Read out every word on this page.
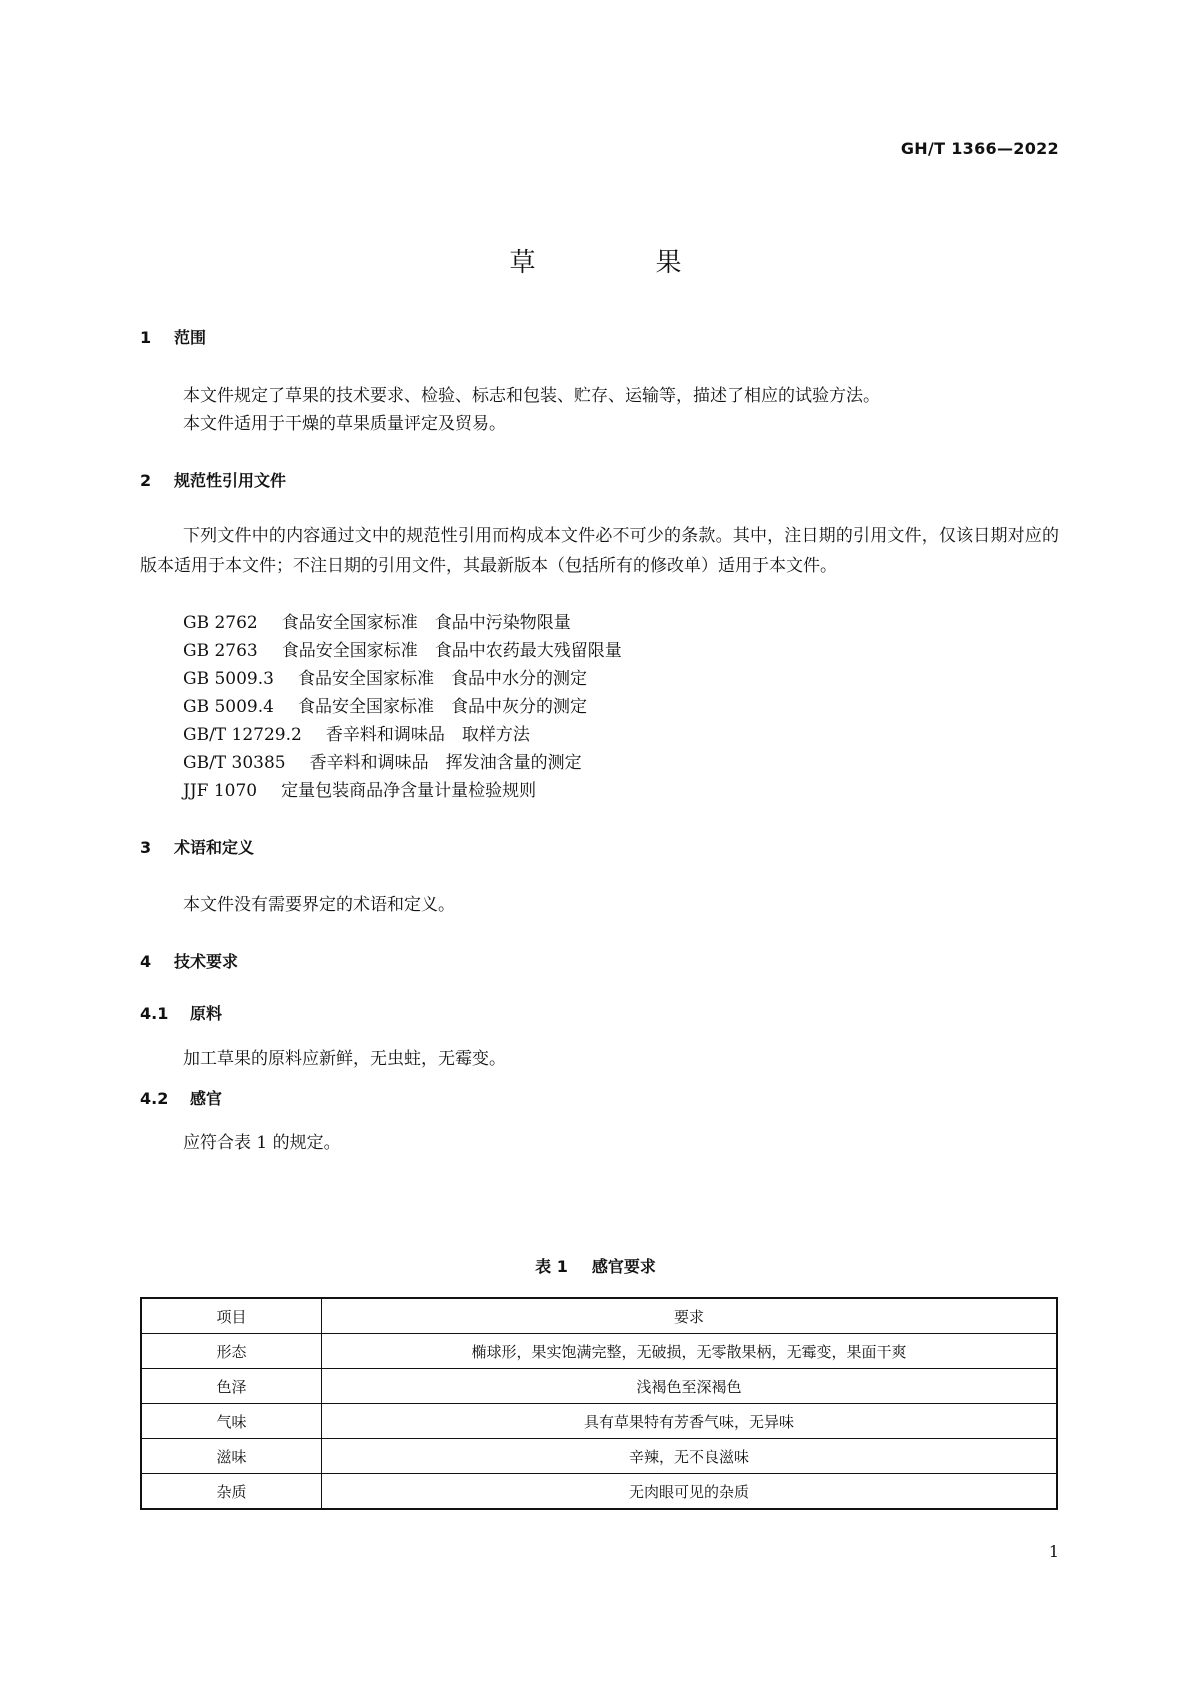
GH/T 1366—2022
草	果
1 范围
本文件规定了草果的技术要求、检验、标志和包装、贮存、运输等，描述了相应的试验方法。
本文件适用于干燥的草果质量评定及贸易。
2 规范性引用文件
下列文件中的内容通过文中的规范性引用而构成本文件必不可少的条款。其中，注日期的引用文件，仅该日期对应的版本适用于本文件；不注日期的引用文件，其最新版本（包括所有的修改单）适用于本文件。
GB 2762 食品安全国家标准　食品中污染物限量
GB 2763 食品安全国家标准　食品中农药最大残留限量
GB 5009.3 食品安全国家标准　食品中水分的测定
GB 5009.4 食品安全国家标准　食品中灰分的测定
GB/T 12729.2 香辛料和调味品　取样方法
GB/T 30385 香辛料和调味品　挥发油含量的测定
JJF 1070 定量包装商品净含量计量检验规则
3 术语和定义
本文件没有需要界定的术语和定义。
4 技术要求
4.1 原料
加工草果的原料应新鲜，无虫蛀，无霉变。
4.2 感官
应符合表 1 的规定。
表 1 感官要求
项目	要求
形态	椭球形，果实饱满完整，无破损，无零散果柄，无霉变，果面干爽
色泽	浅褐色至深褐色
气味	具有草果特有芳香气味，无异味
滋味	辛辣，无不良滋味
杂质	无肉眼可见的杂质
1
